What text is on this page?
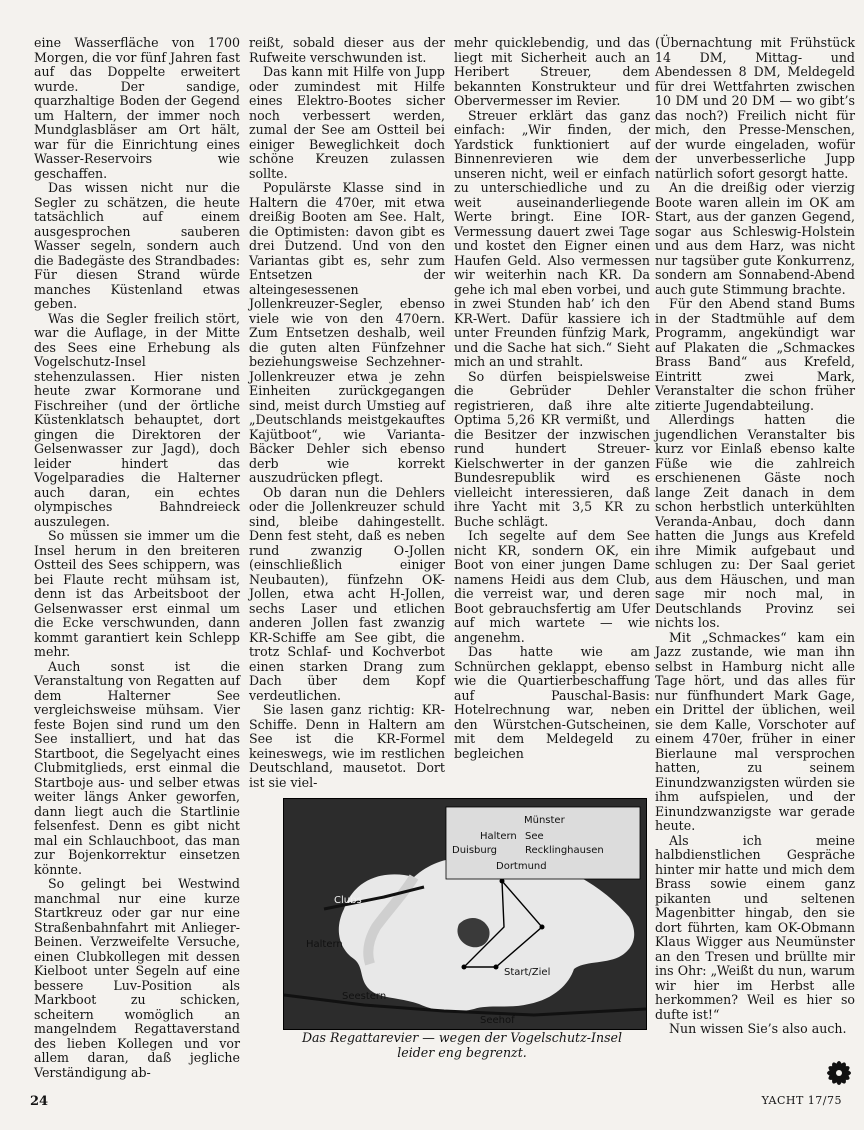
eine Wasserfläche von 1700 Morgen, die vor fünf Jahren fast auf das Doppelte erweitert wurde. Der sandige, quarzhaltige Boden der Gegend um Haltern, der immer noch Mundglasbläser am Ort hält, war für die Einrichtung eines Wasser-Reservoirs wie geschaffen.

Das wissen nicht nur die Segler zu schätzen, die heute tatsächlich auf einem ausgesprochen sauberen Wasser segeln, sondern auch die Badegäste des Strandbades: Für diesen Strand würde manches Küstenland etwas geben.

Was die Segler freilich stört, war die Auflage, in der Mitte des Sees eine Erhebung als Vogelschutz-Insel stehenzulassen. Hier nisten heute zwar Kormorane und Fischreiher (und der örtliche Küstenklatsch behauptet, dort gingen die Direktoren der Gelsenwasser zur Jagd), doch leider hindert das Vogelparadies die Halterner auch daran, ein echtes olympisches Bahndreieck auszulegen.

So müssen sie immer um die Insel herum in den breiteren Ostteil des Sees schippern, was bei Flaute recht mühsam ist, denn ist das Arbeitsboot der Gelsenwasser erst einmal um die Ecke verschwunden, dann kommt garantiert kein Schlepp mehr.

Auch sonst ist die Veranstaltung von Regatten auf dem Halterner See vergleichsweise mühsam. Vier feste Bojen sind rund um den See installiert, und hat das Startboot, die Segelyacht eines Clubmitglieds, erst einmal die Startboje aus- und selber etwas weiter längs Anker geworfen, dann liegt auch die Startlinie felsenfest. Denn es gibt nicht mal ein Schlauchboot, das man zur Bojenkorrektur einsetzen könnte.

So gelingt bei Westwind manchmal nur eine kurze Startkreuz oder gar nur eine Straßenbahnfahrt mit Anlieger-Beinen. Verzweifelte Versuche, einen Clubkollegen mit dessen Kielboot unter Segeln auf eine bessere Luv-Position als Markboot zu schicken, scheitern womöglich an mangelndem Regattaverstand des lieben Kollegen und vor allem daran, daß jegliche Verständigung ab-

reißt, sobald dieser aus der Rufweite verschwunden ist.

Das kann mit Hilfe von Jupp oder zumindest mit Hilfe eines Elektro-Bootes sicher noch verbessert werden, zumal der See am Ostteil bei einiger Beweglichkeit doch schöne Kreuzen zulassen sollte.

Populärste Klasse sind in Haltern die 470er, mit etwa dreißig Booten am See. Halt, die Optimisten: davon gibt es drei Dutzend. Und von den Variantas gibt es, sehr zum Entsetzen der alteingesessenen Jollenkreuzer-Segler, ebenso viele wie von den 470ern. Zum Entsetzen deshalb, weil die guten alten Fünfzehner beziehungsweise Sechzehner-Jollenkreuzer etwa je zehn Einheiten zurückgegangen sind, meist durch Umstieg auf „Deutschlands meistgekauftes Kajütboot“, wie Varianta-Bäcker Dehler sich ebenso derb wie korrekt auszudrücken pflegt.

Ob daran nun die Dehlers oder die Jollenkreuzer schuld sind, bleibe dahingestellt. Denn fest steht, daß es neben rund zwanzig O-Jollen (einschließlich einiger Neubauten), fünfzehn OK-Jollen, etwa acht H-Jollen, sechs Laser und etlichen anderen Jollen fast zwanzig KR-Schiffe am See gibt, die trotz Schlaf- und Kochverbot einen starken Drang zum Dach über dem Kopf verdeutlichen.

Sie lasen ganz richtig: KR-Schiffe. Denn in Haltern am See ist die KR-Formel keineswegs, wie im restlichen Deutschland, mausetot. Dort ist sie viel-

mehr quicklebendig, und das liegt mit Sicherheit auch an Heribert Streuer, dem bekannten Konstrukteur und Obervermesser im Revier.

Streuer erklärt das ganz einfach: „Wir finden, der Yardstick funktioniert auf Binnenrevieren wie dem unseren nicht, weil er einfach zu unterschiedliche und zu weit auseinanderliegende Werte bringt. Eine IOR-Vermessung dauert zwei Tage und kostet den Eigner einen Haufen Geld. Also vermessen wir weiterhin nach KR. Da gehe ich mal eben vorbei, und in zwei Stunden hab’ ich den KR-Wert. Dafür kassiere ich unter Freunden fünfzig Mark, und die Sache hat sich.“ Sieht mich an und strahlt.

So dürfen beispielsweise die Gebrüder Dehler registrieren, daß ihre alte Optima 5,26 KR vermißt, und die Besitzer der inzwischen rund hundert Streuer-Kielschwerter in der ganzen Bundesrepublik wird es vielleicht interessieren, daß ihre Yacht mit 3,5 KR zu Buche schlägt.

Ich segelte auf dem See nicht KR, sondern OK, ein Boot von einer jungen Dame namens Heidi aus dem Club, die verreist war, und deren Boot gebrauchsfertig am Ufer auf mich wartete — wie angenehm.

Das hatte wie am Schnürchen geklappt, ebenso wie die Quartierbeschaffung auf Pauschal-Basis: Hotelrechnung war, neben den Würstchen-Gutscheinen, mit dem Meldegeld zu begleichen

(Übernachtung mit Frühstück 14 DM, Mittag- und Abendessen 8 DM, Meldegeld für drei Wettfahrten zwischen 10 DM und 20 DM — wo gibt’s das noch?) Freilich nicht für mich, den Presse-Menschen, der wurde eingeladen, wofür der unverbesserliche Jupp natürlich sofort gesorgt hatte.

An die dreißig oder vierzig Boote waren allein im OK am Start, aus der ganzen Gegend, sogar aus Schleswig-Holstein und aus dem Harz, was nicht nur tagsüber gute Konkurrenz, sondern am Sonnabend-Abend auch gute Stimmung brachte.

Für den Abend stand Bums in der Stadtmühle auf dem Programm, angekündigt war auf Plakaten die „Schmackes Brass Band“ aus Krefeld, Eintritt zwei Mark, Veranstalter die schon früher zitierte Jugendabteilung.

Allerdings hatten die jugendlichen Veranstalter bis kurz vor Einlaß ebenso kalte Füße wie die zahlreich erschienenen Gäste noch lange Zeit danach in dem schon herbstlich unterkühlten Veranda-Anbau, doch dann hatten die Jungs aus Krefeld ihre Mimik aufgebaut und schlugen zu: Der Saal geriet aus dem Häuschen, und man sage mir noch mal, in Deutschlands Provinz sei nichts los.

Mit „Schmackes“ kam ein Jazz zustande, wie man ihn selbst in Hamburg nicht alle Tage hört, und das alles für nur fünfhundert Mark Gage, ein Drittel der üblichen, weil sie dem Kalle, Vorschoter auf einem 470er, früher in einer Bierlaune mal versprochen hatten, zu seinem Einundzwanzigsten würden sie ihm aufspielen, und der Einundzwanzigste war gerade heute.

Als ich meine halbdienstlichen Gespräche hinter mir hatte und mich dem Brass sowie einem ganz pikanten und seltenen Magenbitter hingab, den sie dort führten, kam OK-Obmann Klaus Wigger aus Neumünster an den Tresen und brüllte mir ins Ohr: „Weißt du nun, warum wir hier im Herbst alle herkommen? Weil es hier so dufte ist!“

Nun wissen Sie’s also auch.

Münster
Haltern See
Duisburg	Recklinghausen
Dortmund
Clubs
Haltern
Start/Ziel
Seestern
Seehof
Das Regattarevier — wegen der Vogelschutz-Insel
leider eng begrenzt.
24	YACHT 17/75
